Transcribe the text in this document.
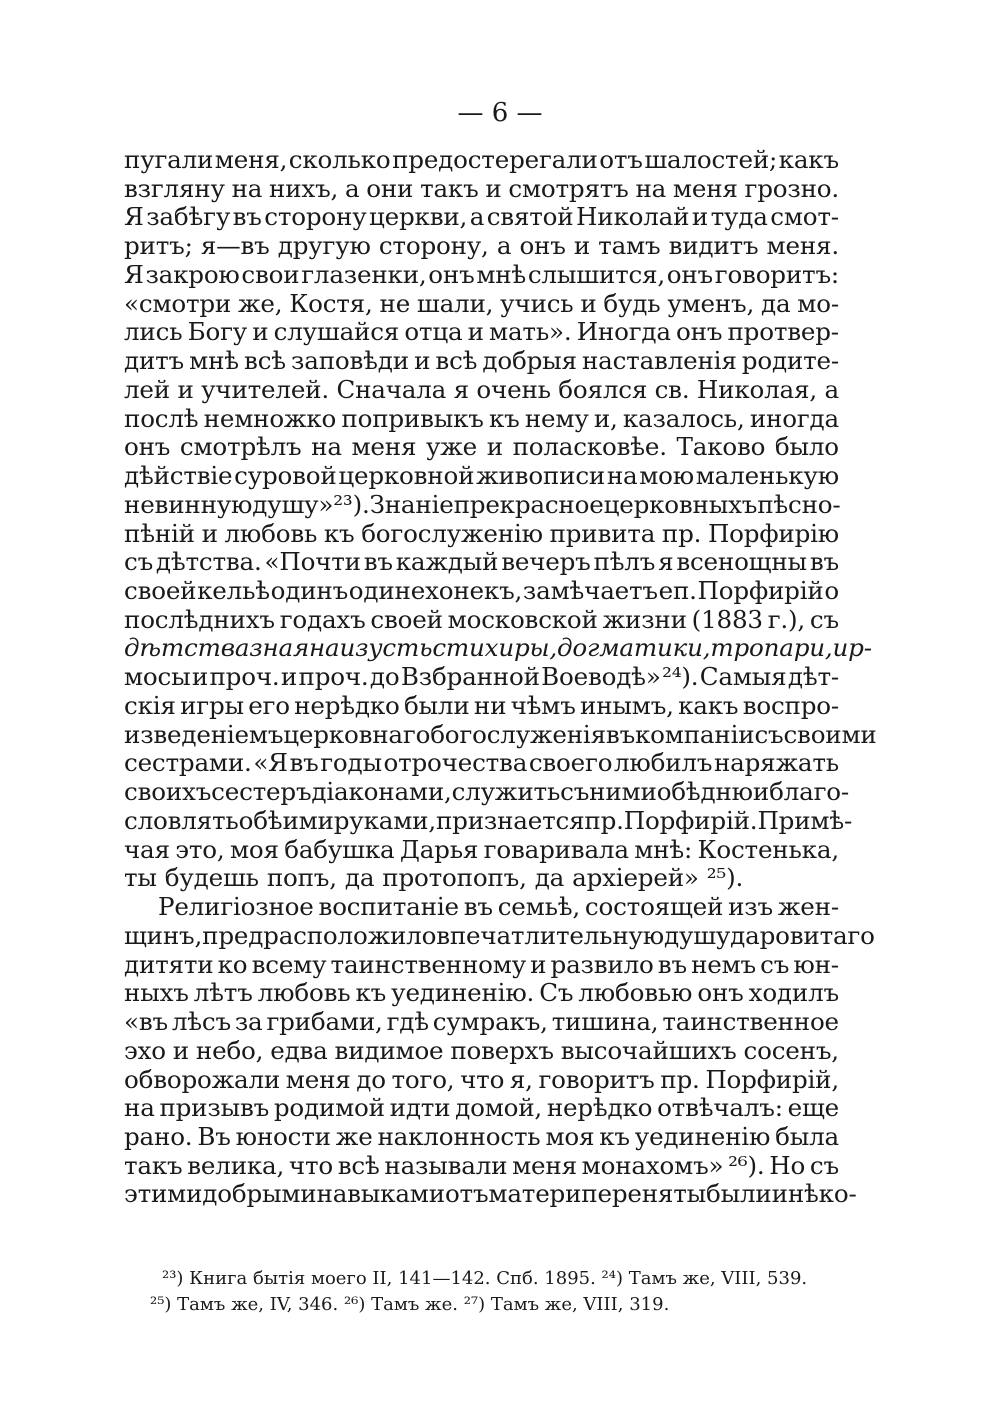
— 6 —
пугали меня, сколько предостерегали отъ шалостей; какъ
взгляну на нихъ, а они такъ и смотрятъ на меня грозно.
Я забѣгу въ сторону церкви, а святой Николай и туда смот-
ритъ; я—въ другую сторону, а онъ и тамъ видитъ меня.
Я закрою свои глазенки, онъ мнѣ слышится, онъ говоритъ:
«смотри же, Костя, не шали, учись и будь уменъ, да мо-
лись Богу и слушайся отца и мать». Иногда онъ протвер-
дитъ мнѣ всѣ заповѣди и всѣ добрыя наставленія родите-
лей и учителей. Сначала я очень боялся св. Николая, а
послѣ немножко попривыкъ къ нему и, казалось, иногда
онъ смотрѣлъ на меня уже и поласковѣе. Таково было
дѣйствіе суровой церковной живописи на мою маленькую
невинную душу» ²³). Знаніе прекрасное церковныхъ пѣсно-
пѣній и любовь къ богослуженію привита пр. Порфирію
съ дѣтства. «Почти въ каждый вечеръ пѣлъ я всенощны въ
своей кельѣ одинъ одинехонекъ, замѣчаетъ еп. Порфирій о
послѣднихъ годахъ своей московской жизни (1883 г.), съ
дѣтства зная наизусть стихиры, догматики, тропари, ир-
мосы и проч. и проч. до Взбранной Воеводѣ» ²⁴). Самыя дѣт-
скія игры его нерѣдко были ни чѣмъ инымъ, какъ воспро-
изведеніемъ церковнаго богослуженія въ компаніи съ своими
сестрами. «Я въ годы отрочества своего любилъ наряжать
своихъ сестеръ діаконами, служить съ ними обѣдню и благо-
словлять обѣими руками, признается пр. Порфирій. Примѣ-
чая это, моя бабушка Дарья говаривала мнѣ: Костенька,
ты будешь попъ, да протопопъ, да архіерей» ²⁵).
Религіозное воспитаніе въ семьѣ, состоящей изъ жен-
щинъ, предрасположило впечатлительную душу даровитаго
дитяти ко всему таинственному и развило въ немъ съ юн-
ныхъ лѣтъ любовь къ уединенію. Съ любовью онъ ходилъ
«въ лѣсъ за грибами, гдѣ сумракъ, тишина, таинственное
эхо и небо, едва видимое поверхъ высочайшихъ сосенъ,
обворожали меня до того, что я, говоритъ пр. Порфирій,
на призывъ родимой идти домой, нерѣдко отвѣчалъ: еще
рано. Въ юности же наклонность моя къ уединенію была
такъ велика, что всѣ называли меня монахомъ» ²⁶). Но съ
этими добрыми навыками отъ матери переняты были и нѣко-
²³) Книга бытія моего II, 141—142. Спб. 1895. ²⁴) Тамъ же, VIII, 539.
²⁵) Тамъ же, IV, 346. ²⁶) Тамъ же. ²⁷) Тамъ же, VIII, 319.
